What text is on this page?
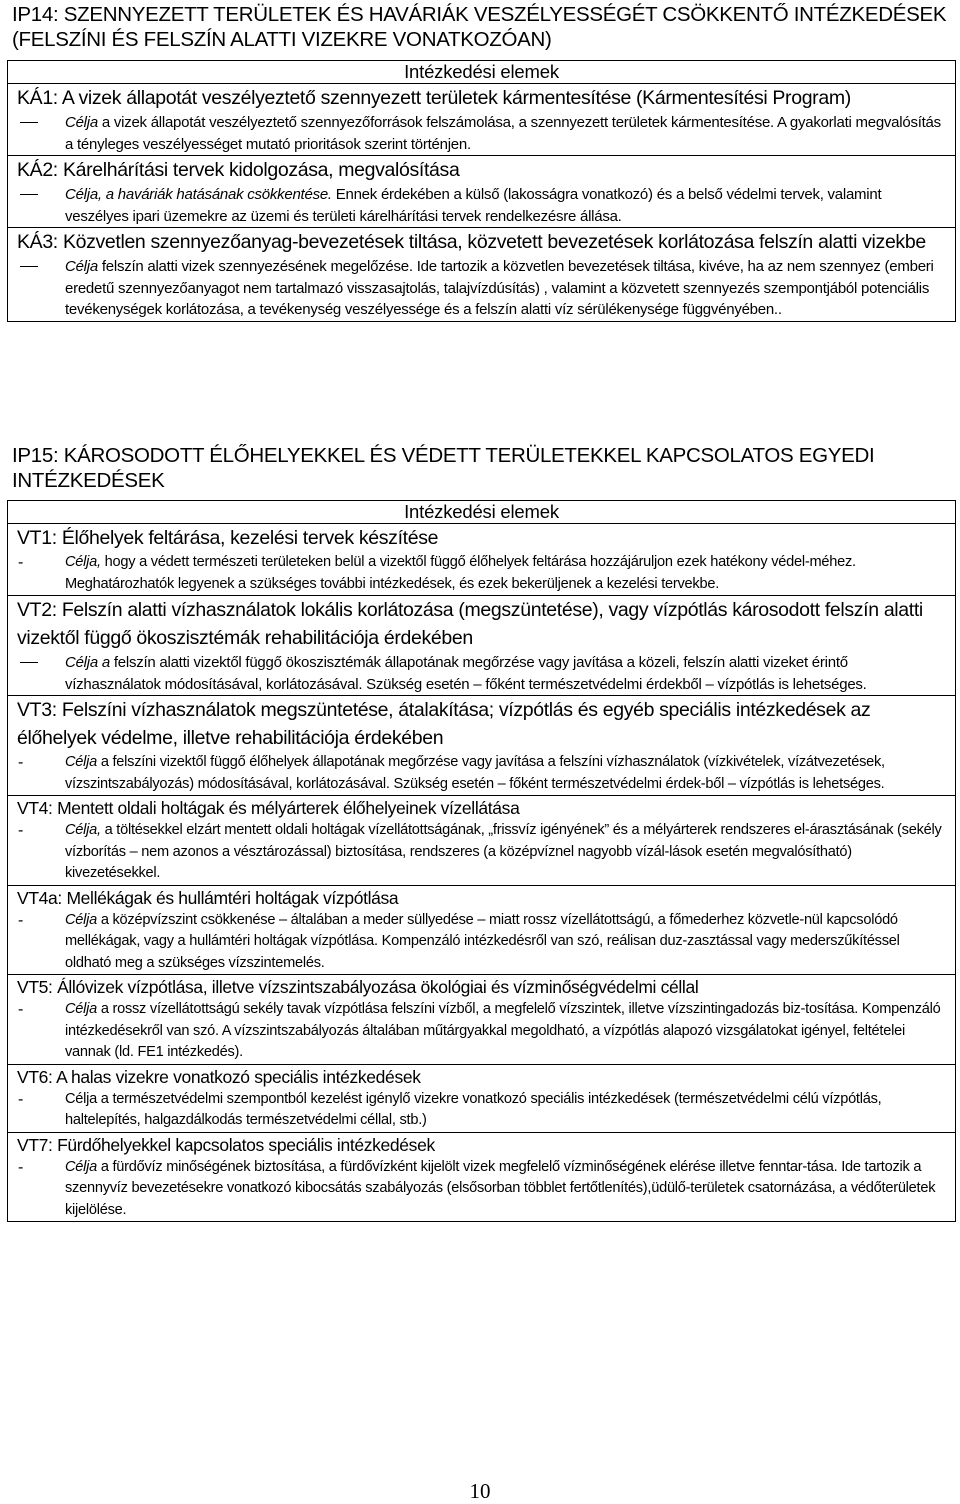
IP14: SZENNYEZETT TERÜLETEK ÉS HAVÁRIÁK VESZÉLYESSÉGÉT CSÖKKENTŐ INTÉZKEDÉSEK
(FELSZÍNI ÉS FELSZÍN ALATTI VIZEKRE VONATKOZÓAN)
Intézkedési elemek
KÁ1: A vizek állapotát veszélyeztető szennyezett területek kármentesítése (Kármentesítési Program)
Célja a vizek állapotát veszélyeztető szennyezőforrások felszámolása, a szennyezett területek kármentesítése. A gyakorlati megvalósítás a tényleges veszélyességet mutató prioritások szerint történjen.
KÁ2: Kárelhárítási tervek kidolgozása, megvalósítása
Célja, a haváriák hatásának csökkentése. Ennek érdekében a külső (lakosságra vonatkozó) és a belső védelmi tervek, valamint veszélyes ipari üzemekre az üzemi és területi kárelhárítási tervek rendelkezésre állása.
KÁ3: Közvetlen szennyezőanyag-bevezetések tiltása, közvetett bevezetések korlátozása felszín alatti vizekbe
Célja felszín alatti vizek szennyezésének megelőzése. Ide tartozik a közvetlen bevezetések tiltása, kivéve, ha az nem szennyez (emberi eredetű szennyezőanyagot nem tartalmazó visszasajtolás, talajvízdúsítás) , valamint a közvetett szennyezés szempontjából potenciális tevékenységek korlátozása, a tevékenység veszélyessége és a felszín alatti víz sérülékenysége függvényében..
IP15: KÁROSODOTT ÉLŐHELYEKKEL ÉS VÉDETT TERÜLETEKKEL KAPCSOLATOS EGYEDI
INTÉZKEDÉSEK
Intézkedési elemek
VT1: Élőhelyek feltárása, kezelési tervek készítése
-	Célja, hogy a védett természeti területeken belül a vizektől függő élőhelyek feltárása hozzájáruljon ezek hatékony védel-méhez. Meghatározhatók legyenek a szükséges további intézkedések, és ezek bekerüljenek a kezelési tervekbe.
VT2: Felszín alatti vízhasználatok lokális korlátozása (megszüntetése), vagy vízpótlás károsodott felszín alatti vizektől függő ökoszisztémák rehabilitációja érdekében
Célja a felszín alatti vizektől függő ökoszisztémák állapotának megőrzése vagy javítása a közeli, felszín alatti vizeket érintő vízhasználatok módosításával, korlátozásával. Szükség esetén – főként természetvédelmi érdekből – vízpótlás is lehetséges.
VT3: Felszíni vízhasználatok megszüntetése, átalakítása; vízpótlás és egyéb speciális intézkedések az élőhelyek védelme, illetve rehabilitációja érdekében
-	Célja a felszíni vizektől függő élőhelyek állapotának megőrzése vagy javítása a felszíni vízhasználatok (vízkivételek, vízátvezetések, vízszintszabályozás) módosításával, korlátozásával. Szükség esetén – főként természetvédelmi érdek-ből – vízpótlás is lehetséges.
VT4: Mentett oldali holtágak és mélyárterek élőhelyeinek vízellátása
-	Célja, a töltésekkel elzárt mentett oldali holtágak vízellátottságának, „frissvíz igényének” és a mélyárterek rendszeres el-árasztásának (sekély vízborítás – nem azonos a vésztározással) biztosítása, rendszeres (a középvízne​l nagyobb vízál-lások esetén megvalósítható) kivezetésekkel.
VT4a: Mellékágak és hullámtéri holtágak vízpótlása
-	Célja a középvízszint csökkenése – általában a meder süllyedése – miatt rossz vízellátottságú, a főmederhez közvetle-nül kapcsolódó mellékágak, vagy a hullámtéri holtágak vízpótlása. Kompenzáló intézkedésről van szó, reálisan duz-zasztással vagy mederszűkítéssel oldható meg a szükséges vízszintemelés.
VT5: Állóvizek vízpótlása, illetve vízszintszabályozása ökológiai és vízminőségvédelmi céllal
-	Célja a rossz vízellátottságú sekély tavak vízpótlása felszíni vízből, a megfelelő vízszintek, illetve vízszintingadozás biz-tosítása. Kompenzáló intézkedésekről van szó. A vízszintszabályozás általában műtárgyakkal megoldható, a vízpótlás alapozó vizsgálatokat igényel, feltételei vannak (ld. FE1 intézkedés).
VT6: A halas vizekre vonatkozó speciális intézkedések
-	Célja a természetvédelmi szempontból kezelést igénylő vizekre vonatkozó speciális intézkedések (természetvédelmi célú vízpótlás, haltelepítés, halgazdálkodás természetvédelmi céllal, stb.)
VT7: Fürdőhelyekkel kapcsolatos speciális intézkedések
-	Célja a fürdővíz minőségének biztosítása, a fürdővízként kijelölt vizek megfelelő vízminőségének elérése illetve fenntar-tása. Ide tartozik a szennyvíz bevezetésekre vonatkozó kibocsátás szabályozás (elsősorban többlet fertőtlenítés),üdülő-területek csatornázása, a védőterületek kijelölése.
10
